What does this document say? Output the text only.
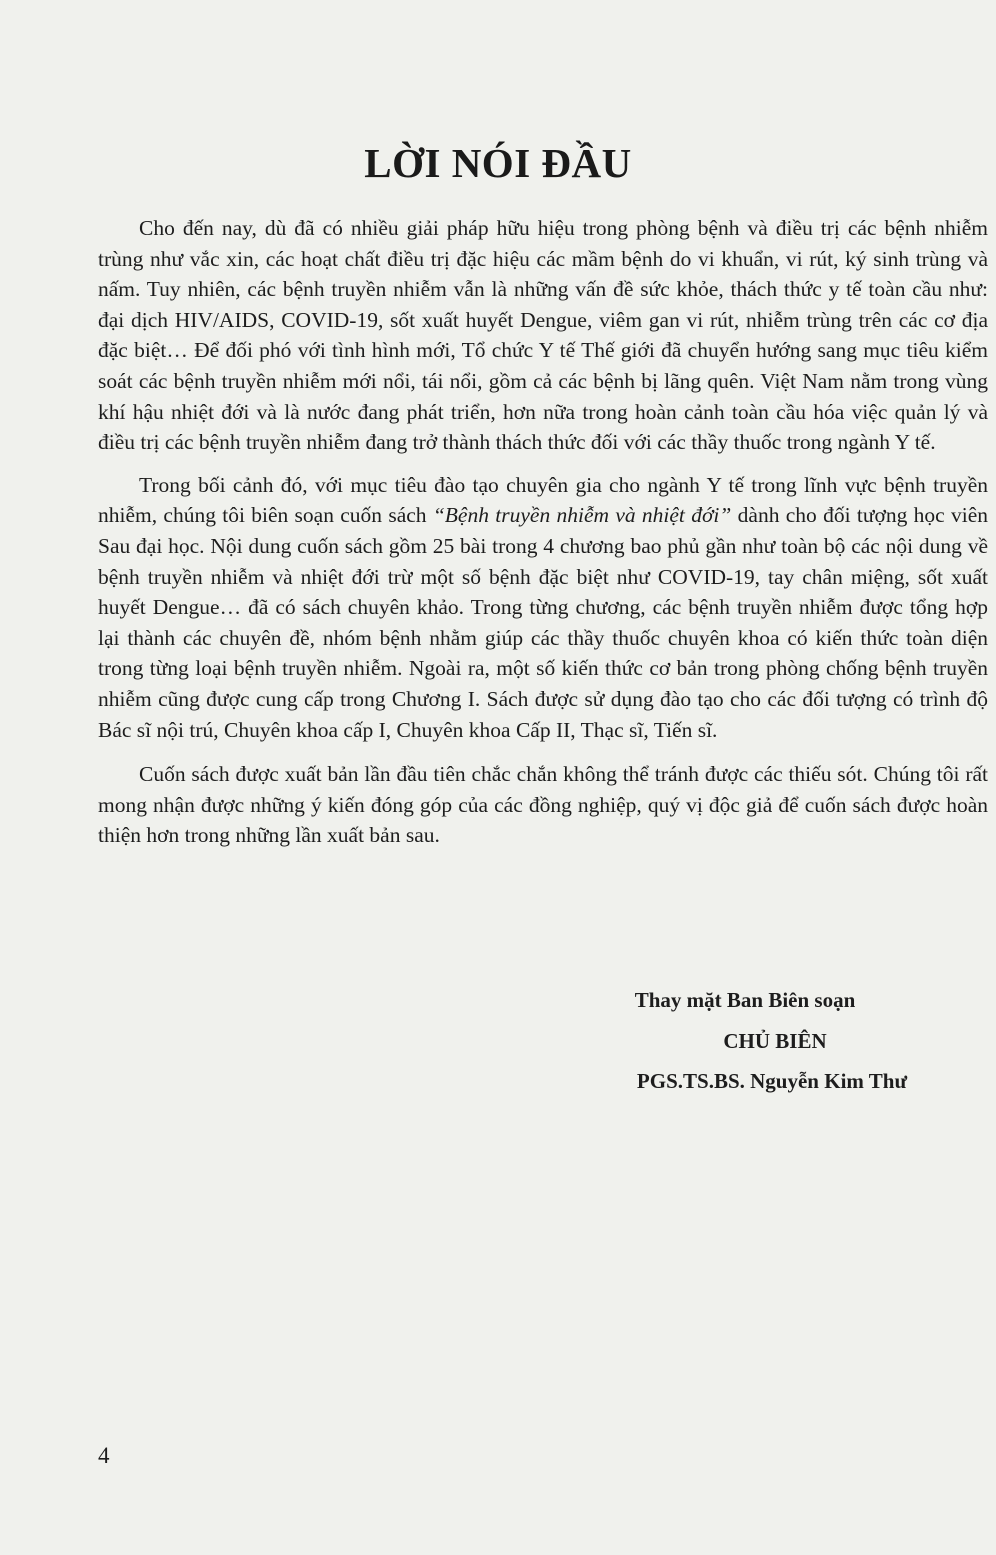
LỜI NÓI ĐẦU

Cho đến nay, dù đã có nhiều giải pháp hữu hiệu trong phòng bệnh và điều trị các bệnh nhiễm trùng như vắc xin, các hoạt chất điều trị đặc hiệu các mầm bệnh do vi khuẩn, vi rút, ký sinh trùng và nấm. Tuy nhiên, các bệnh truyền nhiễm vẫn là những vấn đề sức khỏe, thách thức y tế toàn cầu như: đại dịch HIV/AIDS, COVID-19, sốt xuất huyết Dengue, viêm gan vi rút, nhiễm trùng trên các cơ địa đặc biệt… Để đối phó với tình hình mới, Tổ chức Y tế Thế giới đã chuyển hướng sang mục tiêu kiểm soát các bệnh truyền nhiễm mới nổi, tái nổi, gồm cả các bệnh bị lãng quên. Việt Nam nằm trong vùng khí hậu nhiệt đới và là nước đang phát triển, hơn nữa trong hoàn cảnh toàn cầu hóa việc quản lý và điều trị các bệnh truyền nhiễm đang trở thành thách thức đối với các thầy thuốc trong ngành Y tế.

Trong bối cảnh đó, với mục tiêu đào tạo chuyên gia cho ngành Y tế trong lĩnh vực bệnh truyền nhiễm, chúng tôi biên soạn cuốn sách “Bệnh truyền nhiễm và nhiệt đới” dành cho đối tượng học viên Sau đại học. Nội dung cuốn sách gồm 25 bài trong 4 chương bao phủ gần như toàn bộ các nội dung về bệnh truyền nhiễm và nhiệt đới trừ một số bệnh đặc biệt như COVID-19, tay chân miệng, sốt xuất huyết Dengue… đã có sách chuyên khảo. Trong từng chương, các bệnh truyền nhiễm được tổng hợp lại thành các chuyên đề, nhóm bệnh nhằm giúp các thầy thuốc chuyên khoa có kiến thức toàn diện trong từng loại bệnh truyền nhiễm. Ngoài ra, một số kiến thức cơ bản trong phòng chống bệnh truyền nhiễm cũng được cung cấp trong Chương I. Sách được sử dụng đào tạo cho các đối tượng có trình độ Bác sĩ nội trú, Chuyên khoa cấp I, Chuyên khoa Cấp II, Thạc sĩ, Tiến sĩ.

Cuốn sách được xuất bản lần đầu tiên chắc chắn không thể tránh được các thiếu sót. Chúng tôi rất mong nhận được những ý kiến đóng góp của các đồng nghiệp, quý vị độc giả để cuốn sách được hoàn thiện hơn trong những lần xuất bản sau.

Thay mặt Ban Biên soạn
CHỦ BIÊN
PGS.TS.BS. Nguyễn Kim Thư
4
